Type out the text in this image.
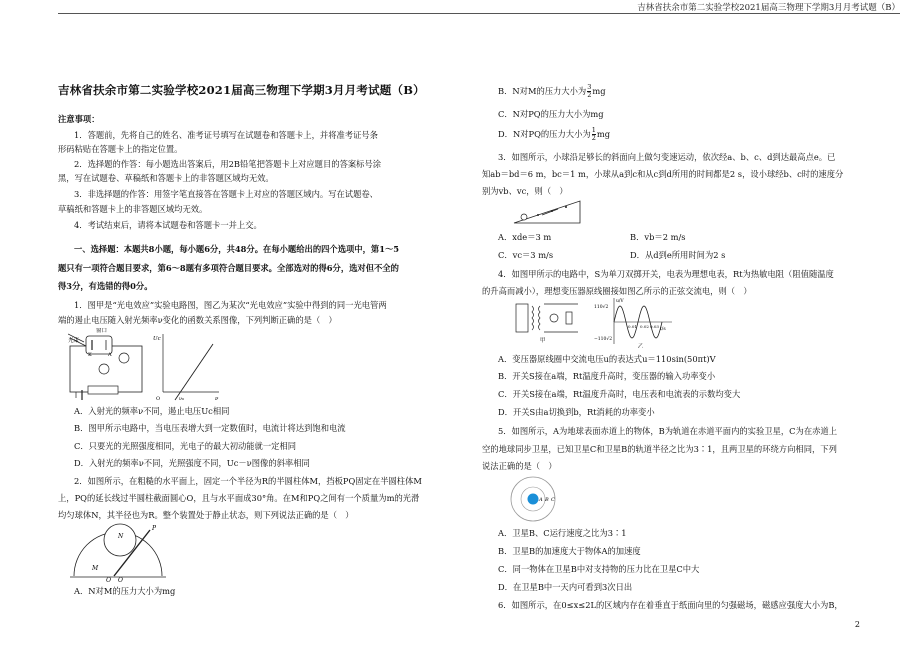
吉林省扶余市第二实验学校2021届高三物理下学期3月月考试题（B）
吉林省扶余市第二实验学校2021届高三物理下学期3月月考试题（B）
注意事项：
1．答题前，先将自己的姓名、准考证号填写在试题卷和答题卡上，并将准考证号条
形码粘贴在答题卡上的指定位置。
2．选择题的作答：每小题选出答案后，用2B铅笔把答题卡上对应题目的答案标号涂
黑，写在试题卷、草稿纸和答题卡上的非答题区域均无效。
3．非选择题的作答：用签字笔直接答在答题卡上对应的答题区域内。写在试题卷、
草稿纸和答题卡上的非答题区域均无效。
4．考试结束后，请将本试题卷和答题卡一并上交。
一、选择题：本题共8小题，每小题6分，共48分。在每小题给出的四个选项中，第1～5
题只有一项符合题目要求，第6～8题有多项符合题目要求。全部选对的得6分，选对但不全的
得3分，有选错的得0分。
1．图甲是“光电效应”实验电路图，图乙为某次“光电效应”实验中得到的同一光电管两
端的遏止电压随入射光频率ν变化的函数关系图像，下列判断正确的是（　）
窗口
光束
K	A
Uc
ν
ν₀
O
A．入射光的频率ν不同，遏止电压Uc相同
B．图甲所示电路中，当电压表增大到一定数值时，电流计将达到饱和电流
C．只要光的光照强度相同，光电子的最大初动能就一定相同
D．入射光的频率ν不同，光照强度不同，Uc－ν图像的斜率相同
2．如图所示，在粗糙的水平面上，固定一个半径为R的半圆柱体M，挡板PQ固定在半圆柱体M
上，PQ的延长线过半圆柱截面圆心O，且与水平面成30°角。在M和PQ之间有一个质量为m的光滑
均匀球体N，其半径也为R。整个装置处于静止状态，则下列说法正确的是（　）
N
M
P
Q O
A．N对M的压力大小为mg
B．N对M的压力大小为 $\frac{3}{2}$ mg
C．N对PQ的压力大小为mg
D．N对PQ的压力大小为 $\frac{1}{2}$ mg
3．如图所示，小球沿足够长的斜面向上做匀变速运动，依次经a、b、c、d到达最高点e。已
知ab＝bd＝6 m，bc＝1 m，小球从a到c和从c到d所用的时间都是2 s，设小球经b、c时的速度分
别为vb、vc，则（　）
A．xde＝3 m	B．vb＝2 m/s
C．vc＝3 m/s	D．从d到e所用时间为2 s
4．如图甲所示的电路中，S为单刀双掷开关，电表为理想电表，Rt为热敏电阻（阻值随温度
的升高而减小），理想变压器原线圈接如图乙所示的正弦交流电，则（　）
甲
110√2
−110√2
u/V
t/s
0.01 0.02 0.03
乙
A．变压器原线圈中交流电压u的表达式u＝110sin(50πt)V
B．开关S接在a端，Rt温度升高时，变压器的输入功率变小
C．开关S接在a端，Rt温度升高时，电压表和电流表的示数均变大
D．开关S由a切换到b，Rt消耗的功率变小
5．如图所示，A为地球表面赤道上的物体，B为轨道在赤道平面内的实验卫星，C为在赤道上
空的地球同步卫星，已知卫星C和卫星B的轨道半径之比为3∶1，且两卫星的环绕方向相同，下列
说法正确的是（　）
A B C
A．卫星B、C运行速度之比为3∶1
B．卫星B的加速度大于物体A的加速度
C．同一物体在卫星B中对支持物的压力比在卫星C中大
D．在卫星B中一天内可看到3次日出
6．如图所示，在0≤x≤2L的区域内存在着垂直于纸面向里的匀强磁场，磁感应强度大小为B，
2
